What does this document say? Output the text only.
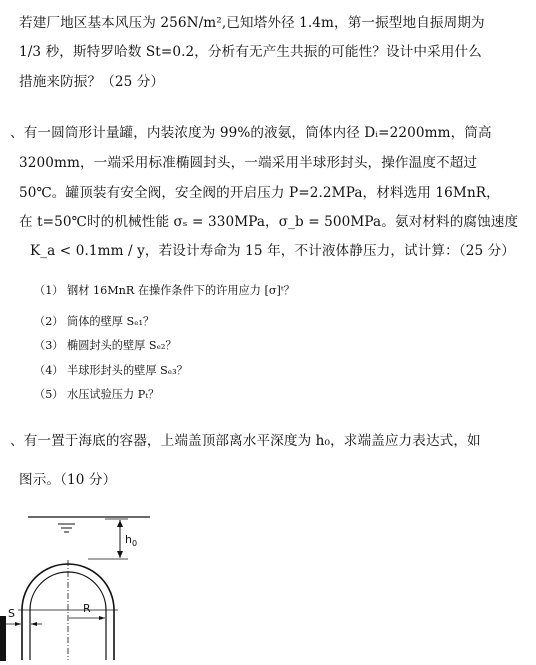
若建厂地区基本风压为 256N/m²,已知塔外径 1.4m，第一振型地自振周期为
1/3 秒，斯特罗哈数 St=0.2，分析有无产生共振的可能性？设计中采用什么
措施来防振？（25 分）
、有一圆筒形计量罐，内装浓度为 99%的液氨，筒体内径 Dᵢ=2200mm，筒高
3200mm，一端采用标准椭圆封头，一端采用半球形封头，操作温度不超过
50℃。罐顶装有安全阀，安全阀的开启压力 P=2.2MPa，材料选用 16MnR，
在 t=50℃时的机械性能 σₛ = 330MPa，σ_b = 500MPa。氨对材料的腐蚀速度
K_a < 0.1mm / y，若设计寿命为 15 年，不计液体静压力，试计算：（25 分）
（1） 钢材 16MnR 在操作条件下的许用应力 [σ]ᵗ？
（2） 筒体的壁厚 Sₑ₁？
（3） 椭圆封头的壁厚 Sₑ₂？
（4） 半球形封头的壁厚 Sₑ₃？
（5） 水压试验压力 Pₜ？
、有一置于海底的容器，上端盖顶部离水平深度为 h₀，求端盖应力表达式，如
图示。（10 分）
$h_0$
R
S
